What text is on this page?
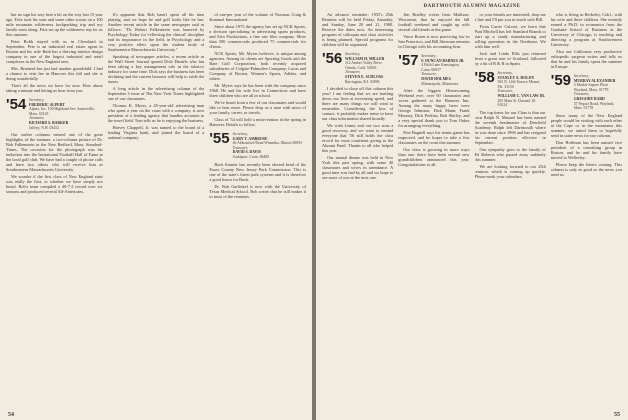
but no sign his way here a bit on the way last 15 year ago. Fritz took his sons and some other scouts on a 100 mile mountain wilderness backpacking trip and my family went along. Fritz set up the wilderness trip for us this summer.

Peter Robb stayed with us in Cleveland in September. Pete is an industrial real estate agent in Boston and his wife Ruth has a thriving interior design company in one of the largest industrial and retail complexes in the New England area.

Mrs. Brainerd has just had another grandchild. I had a chance to visit her in Hanover this fall and she is doing wonderfully.

That's all the news we have for now. How about taking a minute and letting us hear from you.

'54 Secretary,
FREDERIC ALPERT
Alpers, Inc. 100 Highland Ave. Somerville, Mass. 02143
Treasurer,
RICHARD S. BARKER
Jaffrey, N.H. 03452

Our earlier columns missed one of the great highlights of the summer, a two-column picture of Dr. Bob Falkenstein in the New Bedford, Mass. Standard-Times. The occasion for the photograph was his induction into the Invitational Football Hall of Fame at the local golf club. We have had a couple of phone calls and have two others who will receive him at Southeastern Massachusetts University.

We wonder if the first class of New England state was really the first, or whether we have simply not heard. Bob's team compiled a 48-7-2 record over six seasons and produced several All-Americans.

It's apparent that Bob hasn't spent all his time playing, and we hope he and golf looks like he has. Another recent article in the same newspaper said as follows: "Dr. Robert Falkenstein was honored by Psychology Today for 'reflecting the clinical' discipline and its importance in the field, in Psychology and a very positive effect upon the student body of Southeastern Massachusetts University."

Speaking of newspaper articles, a recent article in the Wall Street Journal quoted Dick Daniels who has been taking a key management role in the tobacco industry for some time. Dick says the business has been declining and the current lawsuits will help to settle the issues.

A long article in the advertising column of the September 3 issue of The New York Times highlighted one of our classmates.

Thomas K. Myers, a 45-year-old advertising man who spent a year on the coast with a company, is now president of a leading agency that handles accounts in the travel field. Tom tells us he is enjoying the business.

Harvey Chappell, Jr. was named to the board of a leading Virginia bank, and joined the board of a national company.

of one-per year of the volume of Norman, Craig & Kummel International.

Since about 1975 the agency has set up NCK Sports, a division specializing in advertising sports products, and Erin Productions, a fine arts film company. More than 500 commercials produced 75 commercials for clients.

NCK Sports, Mr. Myers believes, is unique among agencies. Among its clients are Sporting Goods and the Rare Golf Corporation, both recently acquired subsidiaries of Colgate-Palmolive Company; Lucas and Company of Boston, Women's Sports, Adidas, and others.

Mr. Myers says he has been with the company since 1968. He and his wife live in Connecticut and have three children who are all in school.

We've heard from a few of our classmates and would like to hear more. Please drop us a note with news of your family, career, or travels.

Class of '54 will hold a mini-reunion in the spring in Hanover. Details to follow.

'55 Secretary,
GARY T. AMBROSE
46 Abbotsford Road Winnetka, Illinois 60093
Treasurer,
DAVID S. DAVIS
Southport, Conn. 06490

Buck Kanner has recently been elected head of the Essex County New Jersey Park Commission. This is one of the state's finest park systems and it is therefore a good honor for Buck.

Dr. Bob Garfinkel is now with the University of Texas Medical School. Bob writes that he still makes it to most of the reunions.

54
DARTMOUTH ALUMNI MAGAZINE

An advance reminder: 1955's 25th Reunion will be held Friday, Saturday, and Sunday, June 20 and 21, 1980. Reserve the dates now. An interesting program of colloquia and class activities is being planned. Special programs for children will be organized.

'56 Secretary,
WILLIAM H. MILLER
112 Amber Valley Drive Orinda, Calif. 94563
Treasurer,
STEVEN E. SCHLOSS
Barrington, R.I. 02806

I decided to close off this column this year! I am feeling that we are hurtling down our lives at increasing speed, and there are many things we will want to remember. Considering the loss of contact, it probably makes sense to have our class information shared broadly.

We wish Lenny and our two sons a good recovery, and we want to remind everyone that '56 still holds the class record for most consistent giving to the Alumni Fund. Thanks to all who helped this year.

Our annual dinner was held in New York this past spring, with some 40 classmates and wives in attendance. A good time was had by all and we hope to see more of you at the next one.

Jim Bradley writes from Madison, Wisconsin, that he enjoyed the fall football weekend and caught up with several old friends at the game.

Vince Rosen is now practicing law in San Francisco, and Bill Sherman remains in Chicago with his accounting firm.

'57 Secretary,
F. DUNCAN BARNES JR.
4 Fifth Lane Kensington, Conn. 06037
Treasurer,
DAVID HOLMES
Minneapolis, Minnesota

After the biggest Homecoming Weekend ever, over 60 classmates and wives gathered at the Hanover Inn. Among the many happy faces were George Johnston, Dick Mann, Frank Mooney, Dick Perkins, Bob Shirley, and a very special thank you to Tom Oakes for arranging everything.

Pete Bagnell says his tennis game has improved, and he hopes to take a few classmates on the court this summer.

Our class is growing in more ways than one: there have been several new grandchildren announced this year. Congratulations to all.

or your friends are interested, drop me a line and I'll put you in touch with Bill.

From Carrie Calvert, we learn that Paul Mitchell has left Standard Brands to start up a candy manufacturing and selling operation in the Northeast. We wish him well.

Jack and Linda Ellis just returned from a great tour of Scotland, followed by a bit of R & R in Spain.

'58 Secretary,
STANLEY A. HOLDY
565 N. 14th Terrace Miami, Fla. 33150
Treasurer,
WILLIAM C. VAN LAW JR.
205 Main St. Durand, Ill. 61024

The top items for our Class is that our own Ralph N. Manuel has been named the seventh headmaster of Deerfield Academy. Ralph left Dartmouth where he was dean since 1968 and has resigned his current position effective in September.

Our sympathy goes to the family of Ed Roberts who passed away suddenly this summer.

We are looking forward to our 25th reunion, which is coming up quickly. Please mark your calendars.

who is living in Berkeley, Calif., with his wife and three children. She recently earned a Ph.D. in economics from the Graduate School of Business at the University of Chicago, is teaching and directing a program at Southwestern University.

Also our California very productive orthopedic surgeon writes and tells us that he and his family spent the summer in Europe.

'59 Secretary,
MURRAY ALEXANDER
3 Market Square Place Wayland, Mass. 01778
Treasurer,
GREGORY BARD
37 Pequot Road, Wayland, Mass. 01778

Since many of the New England people would be visiting with each other at the Cape or in the mountains this summer, we asked them to hopefully send in some news for our column.

Don Hoffman has been named vice president of a consulting group in Boston, and he and his family have moved to Wellesley.

Please keep the letters coming. This column is only as good as the news you send us.

55
